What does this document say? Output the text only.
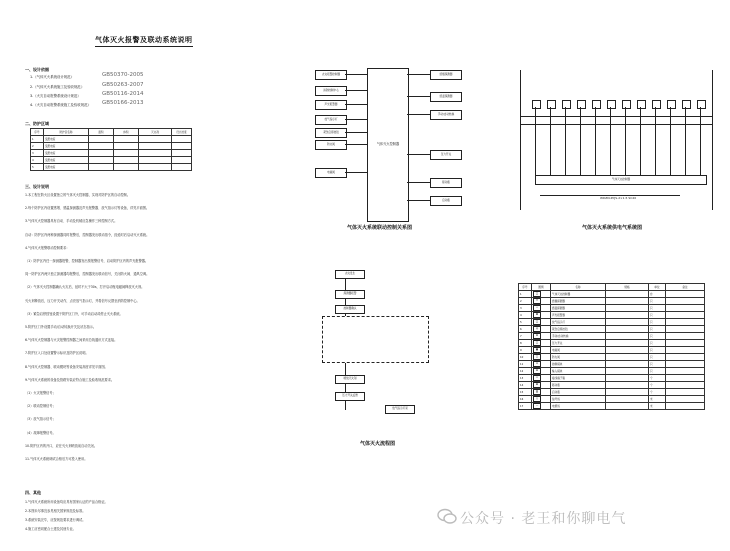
气体灭火报警及联动系统说明
一、设计依据
1.《气体灭火系统设计规范》	GB50370-2005
2.《气体灭火系统施工及验收规范》	GB50263-2007
3.《火灾自动报警系统设计规范》	GB50116-2014
4.《火灾自动报警系统施工及验收规范》 GB50166-2013
二、防护区域
序号	防护区名称	面积	体积	灭火剂	设计浓度
1	变配电室				
2	变配电室				
3	变配电室				
4	变配电室				
5	变配电室				
三、设计说明
1.本工程在防火区设置独立的气体灭火控制器，实现对防护区的自动控制。
2.每个防护区内设置感烟、感温探测器及声光报警器、放气指示灯等设备，详见平面图。
3.气体灭火控制器具有自动、手动及机械应急操作三种控制方式。
自动：防护区内两种探测器同时报警后，控制器发出联动指令，经延时后启动灭火系统。
4.气体灭火报警联动控制要求：
（1）防护区内任一探测器报警，控制器发出预报警信号，启动防护区内的声光报警器。
同一防护区内两只独立探测器均报警后，控制器发出联动信号，关闭防火阀、通风空调。
（2）气体灭火控制器确认火灾后，延时不大于30s，打开启动瓶电磁阀释放灭火剂。
灭火剂释放后，压力开关动作，点亮放气指示灯，并将信号反馈至消防控制中心。
（3）紧急启停按钮设置于防护区门外，可手动启动或停止灭火系统。
5.防护区门外设置手动/自动转换开关及状态指示。
6.气体灭火控制器与火灾报警控制器之间采用总线通讯方式连接。
7.防护区入口处设置警示标识及防护区说明。
8.气体灭火控制器、联动模块等设备安装高度详见平面图。
9.气体灭火系统的设备及管路安装应符合施工及验收规范要求。
（1）火灾报警信号；
（2）联动控制信号；
（3）放气指示信号；
（4）故障报警信号。
10.防护区内的开口，应在灭火剂喷放前自动关闭。
11.气体灭火系统调试合格后方可投入使用。
四、其他
1.气体灭火系统所用设备均应具有国家认证的产品合格证。
2.本图未尽事宜参见相关国家规范及标准。
3.系统安装完毕，应按规范要求进行调试。
4.施工应密切配合土建及其他专业。
气体灭火控制器
火灾报警控制器
消防控制中心
声光报警器
放气指示灯
紧急启停按钮
防火阀
电磁阀
感烟探测器
感温探测器
手动/自动转换
压力开关
驱动瓶
启动瓶
气体灭火系统联动控制关系图
气体灭火控制器
WDZN-RYJS-2×1.5 SC20
气体灭火系统供电气系统图
火灾发生
探测器报警
控制器确认
喷放灭火剂
压力开关反馈
放气指示灯亮
气体灭火流程图
序号	图例	名称	规格	单位	备注
1	□	气体灭火控制器		台	
2	⊓	感烟探测器		只	
3	⊥	感温探测器		只	
4	⊠	声光报警器		只	
5	□	放气指示灯		只	
6	◎	紧急启停按钮		只	
7	⊡	手动/自动转换		只	
8	□	压力开关		只	
9	▣	电磁阀		只	
10	▢	防火阀		只	
11	≡	控制模块		只	
12	⊟	输入模块		只	
13	▭	接线端子箱		个	
14	⊞	驱动瓶		个	
15	▥	启动瓶		个	
16	○	信号线		米	
17	—	电源线		米	
公众号 · 老王和你聊电气
